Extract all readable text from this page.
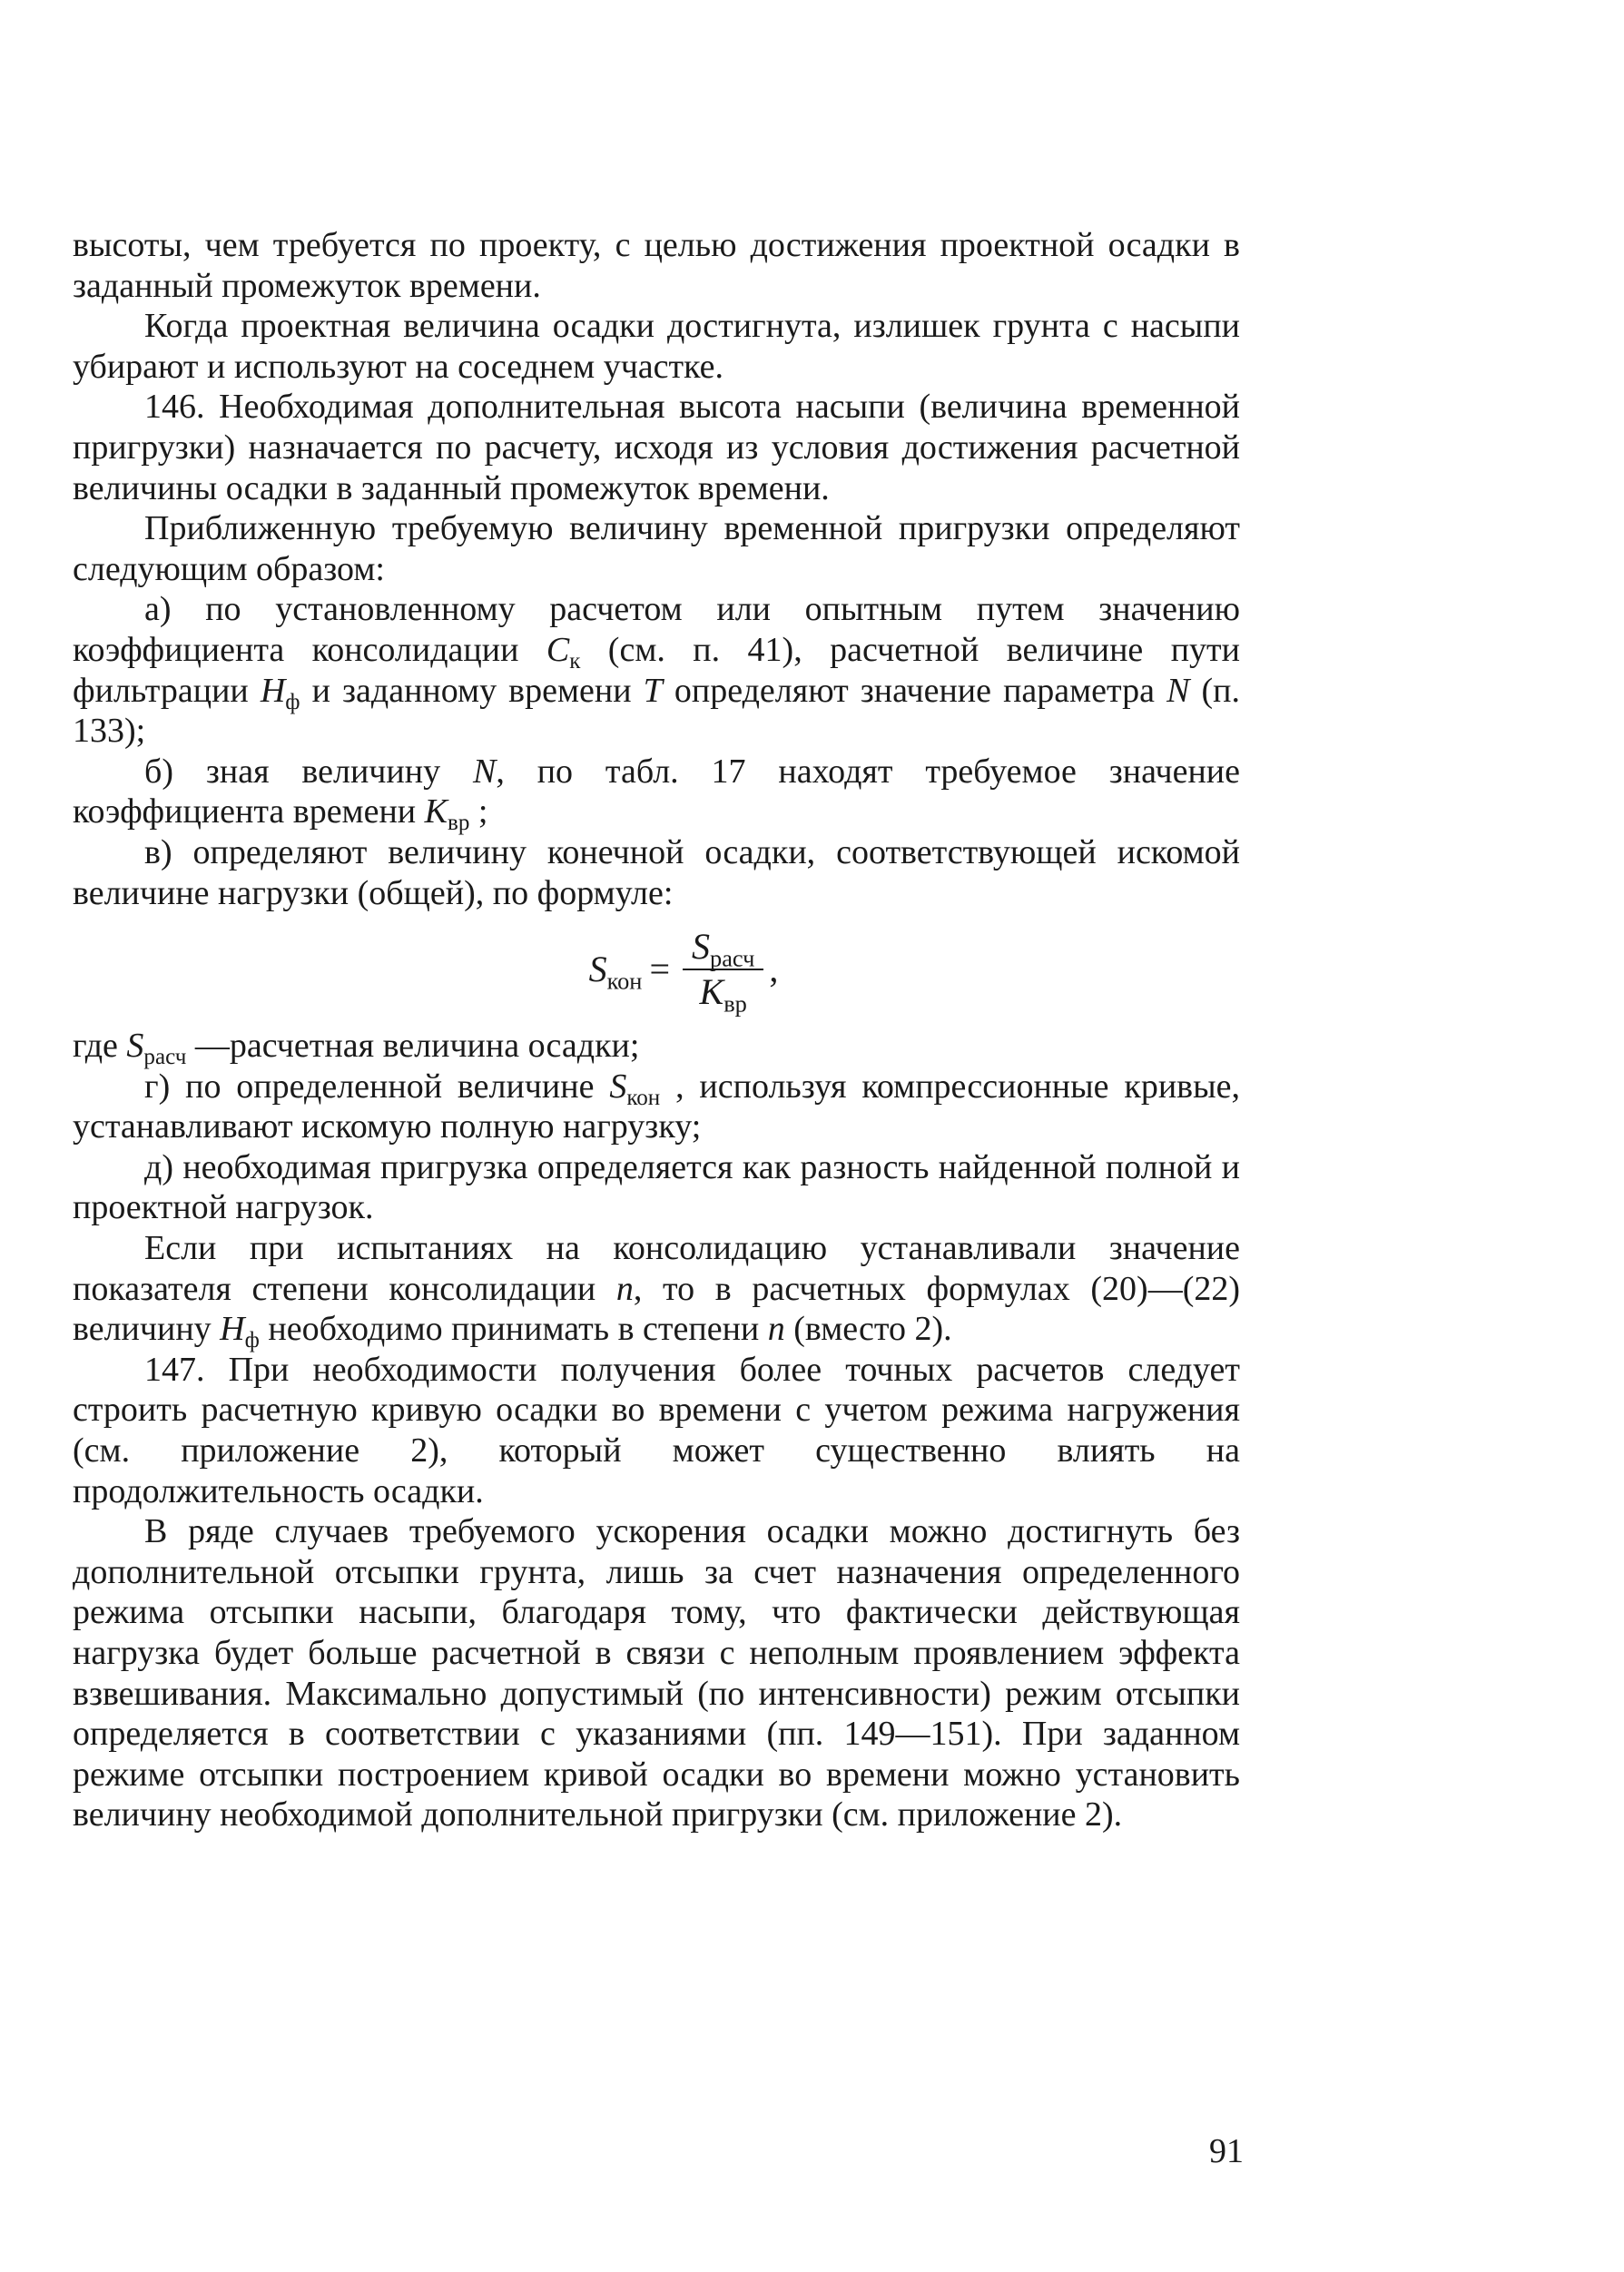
высоты, чем требуется по проекту, с целью достижения проектной осадки в заданный промежуток времени.

Когда проектная величина осадки достигнута, излишек грунта с насыпи убирают и используют на соседнем участке.

146. Необходимая дополнительная высота насыпи (величина временной пригрузки) назначается по расчету, исходя из условия достижения расчетной величины осадки в заданный промежуток времени.

Приближенную требуемую величину временной пригрузки определяют следующим образом:

а) по установленному расчетом или опытным путем значению коэффициента консолидации $C_к$ (см. п. 41), расчетной величине пути фильтрации $H_ф$ и заданному времени T определяют значение параметра N (п. 133);

б) зная величину N, по табл. 17 находят требуемое значение коэффициента времени $K_{вр}$ ;

в) определяют величину конечной осадки, соответствующей искомой величине нагрузки (общей), по формуле:

$S_{кон} = \frac{S_{расч}}{K_{вр}}$ ,

где $S_{расч}$ —расчетная величина осадки;

г) по определенной величине $S_{кон}$ , используя компрессионные кривые, устанавливают искомую полную нагрузку;

д) необходимая пригрузка определяется как разность найденной полной и проектной нагрузок.

Если при испытаниях на консолидацию устанавливали значение показателя степени консолидации n, то в расчетных формулах (20)—(22) величину $H_ф$ необходимо принимать в степени n (вместо 2).

147. При необходимости получения более точных расчетов следует строить расчетную кривую осадки во времени с учетом режима нагружения (см. приложение 2), который может существенно влиять на продолжительность осадки.

В ряде случаев требуемого ускорения осадки можно достигнуть без дополнительной отсыпки грунта, лишь за счет назначения определенного режима отсыпки насыпи, благодаря тому, что фактически действующая нагрузка будет больше расчетной в связи с неполным проявлением эффекта взвешивания. Максимально допустимый (по интенсивности) режим отсыпки определяется в соответствии с указаниями (пп. 149—151). При заданном режиме отсыпки построением кривой осадки во времени можно установить величину необходимой дополнительной пригрузки (см. приложение 2).

91
